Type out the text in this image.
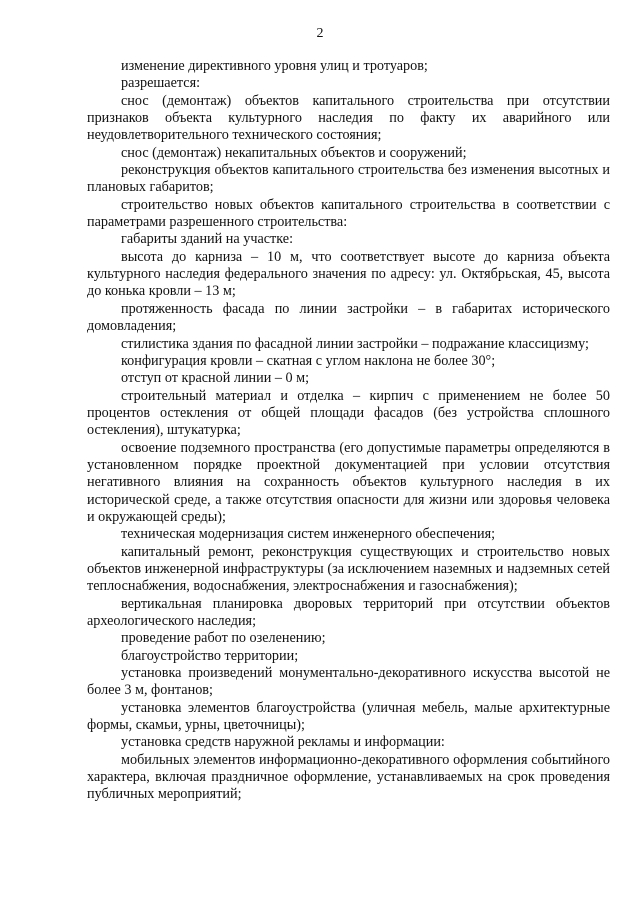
2

изменение директивного уровня улиц и тротуаров;

разрешается:

снос (демонтаж) объектов капитального строительства при отсутствии признаков объекта культурного наследия по факту их аварийного или неудовлетворительного технического состояния;

снос (демонтаж) некапитальных объектов и сооружений;

реконструкция объектов капитального строительства без изменения высотных и плановых габаритов;

строительство новых объектов капитального строительства в соответствии с параметрами разрешенного строительства:

габариты зданий на участке:

высота до карниза – 10 м, что соответствует высоте до карниза объекта культурного наследия федерального значения по адресу: ул. Октябрьская, 45, высота до конька кровли – 13 м;

протяженность фасада по линии застройки – в габаритах исторического домовладения;

стилистика здания по фасадной линии застройки – подражание классицизму;

конфигурация кровли – скатная с углом наклона не более 30°;

отступ от красной линии – 0 м;

строительный материал и отделка – кирпич с применением не более 50 процентов остекления от общей площади фасадов (без устройства сплошного остекления), штукатурка;

освоение подземного пространства (его допустимые параметры определяются в установленном порядке проектной документацией при условии отсутствия негативного влияния на сохранность объектов культурного наследия в их исторической среде, а также отсутствия опасности для жизни или здоровья человека и окружающей среды);

техническая модернизация систем инженерного обеспечения;

капитальный ремонт, реконструкция существующих и строительство новых объектов инженерной инфраструктуры (за исключением наземных и надземных сетей теплоснабжения, водоснабжения, электроснабжения и газоснабжения);

вертикальная планировка дворовых территорий при отсутствии объектов археологического наследия;

проведение работ по озеленению;

благоустройство территории;

установка произведений монументально-декоративного искусства высотой не более 3 м, фонтанов;

установка элементов благоустройства (уличная мебель, малые архитектурные формы, скамьи, урны, цветочницы);

установка средств наружной рекламы и информации:

мобильных элементов информационно-декоративного оформления событийного характера, включая праздничное оформление, устанавливаемых на срок проведения публичных мероприятий;
